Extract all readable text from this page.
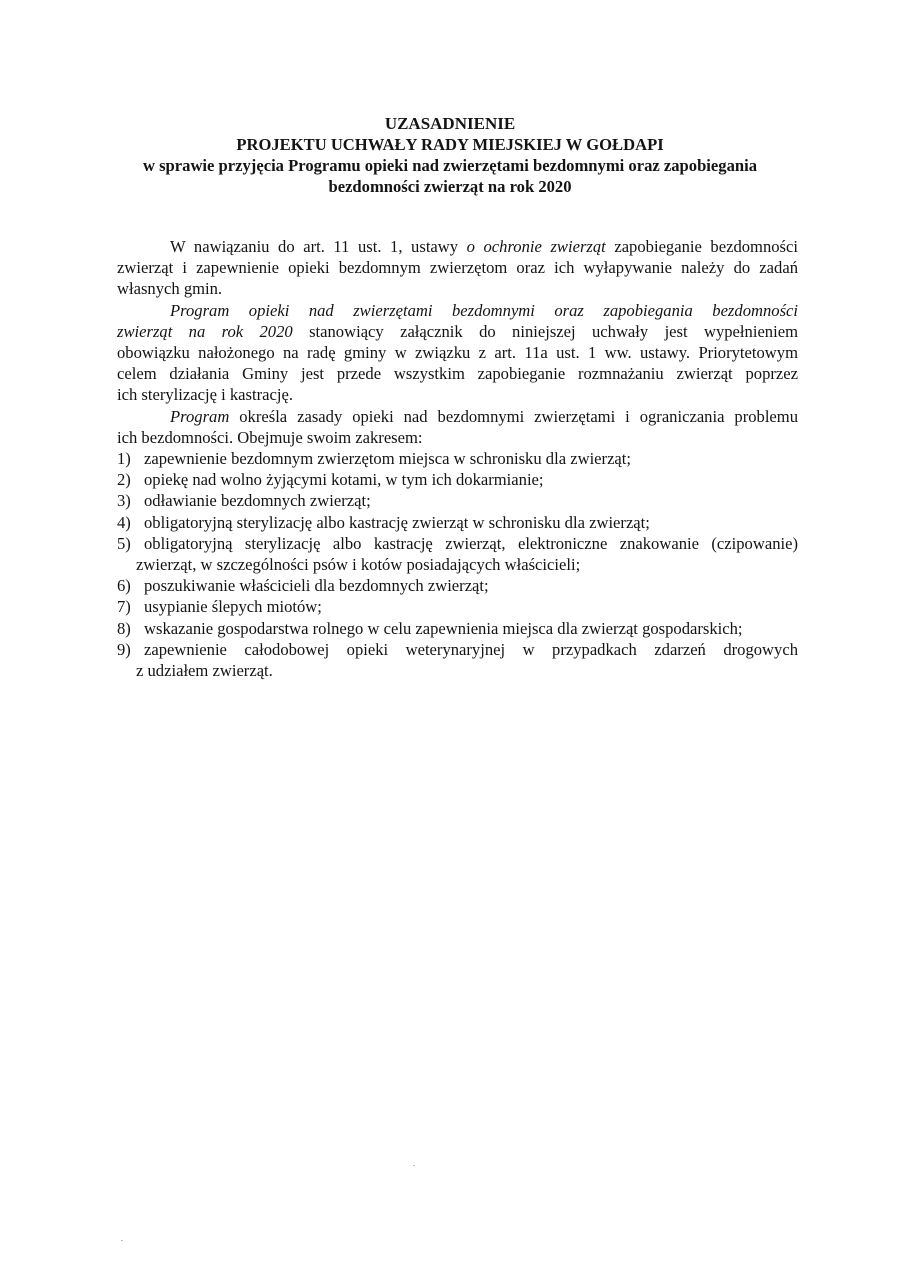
UZASADNIENIE
PROJEKTU UCHWAŁY RADY MIEJSKIEJ W GOŁDAPI
w sprawie przyjęcia Programu opieki nad zwierzętami bezdomnymi oraz zapobiegania
bezdomności zwierząt na rok 2020

W nawiązaniu do art. 11 ust. 1, ustawy o ochronie zwierząt zapobieganie bezdomności
zwierząt i zapewnienie opieki bezdomnym zwierzętom oraz ich wyłapywanie należy do zadań
własnych gmin.

Program opieki nad zwierzętami bezdomnymi oraz zapobiegania bezdomności
zwierząt na rok 2020 stanowiący załącznik do niniejszej uchwały jest wypełnieniem
obowiązku nałożonego na radę gminy w związku z art. 11a ust. 1 ww. ustawy. Priorytetowym
celem działania Gminy jest przede wszystkim zapobieganie rozmnażaniu zwierząt poprzez
ich sterylizację i kastrację.

Program określa zasady opieki nad bezdomnymi zwierzętami i ograniczania problemu
ich bezdomności. Obejmuje swoim zakresem:

1) zapewnienie bezdomnym zwierzętom miejsca w schronisku dla zwierząt;
2) opiekę nad wolno żyjącymi kotami, w tym ich dokarmianie;
3) odławianie bezdomnych zwierząt;
4) obligatoryjną sterylizację albo kastrację zwierząt w schronisku dla zwierząt;
5) obligatoryjną sterylizację albo kastrację zwierząt, elektroniczne znakowanie (czipowanie)
zwierząt, w szczególności psów i kotów posiadających właścicieli;
6) poszukiwanie właścicieli dla bezdomnych zwierząt;
7) usypianie ślepych miotów;
8) wskazanie gospodarstwa rolnego w celu zapewnienia miejsca dla zwierząt gospodarskich;
9) zapewnienie całodobowej opieki weterynaryjnej w przypadkach zdarzeń drogowych
z udziałem zwierząt.
